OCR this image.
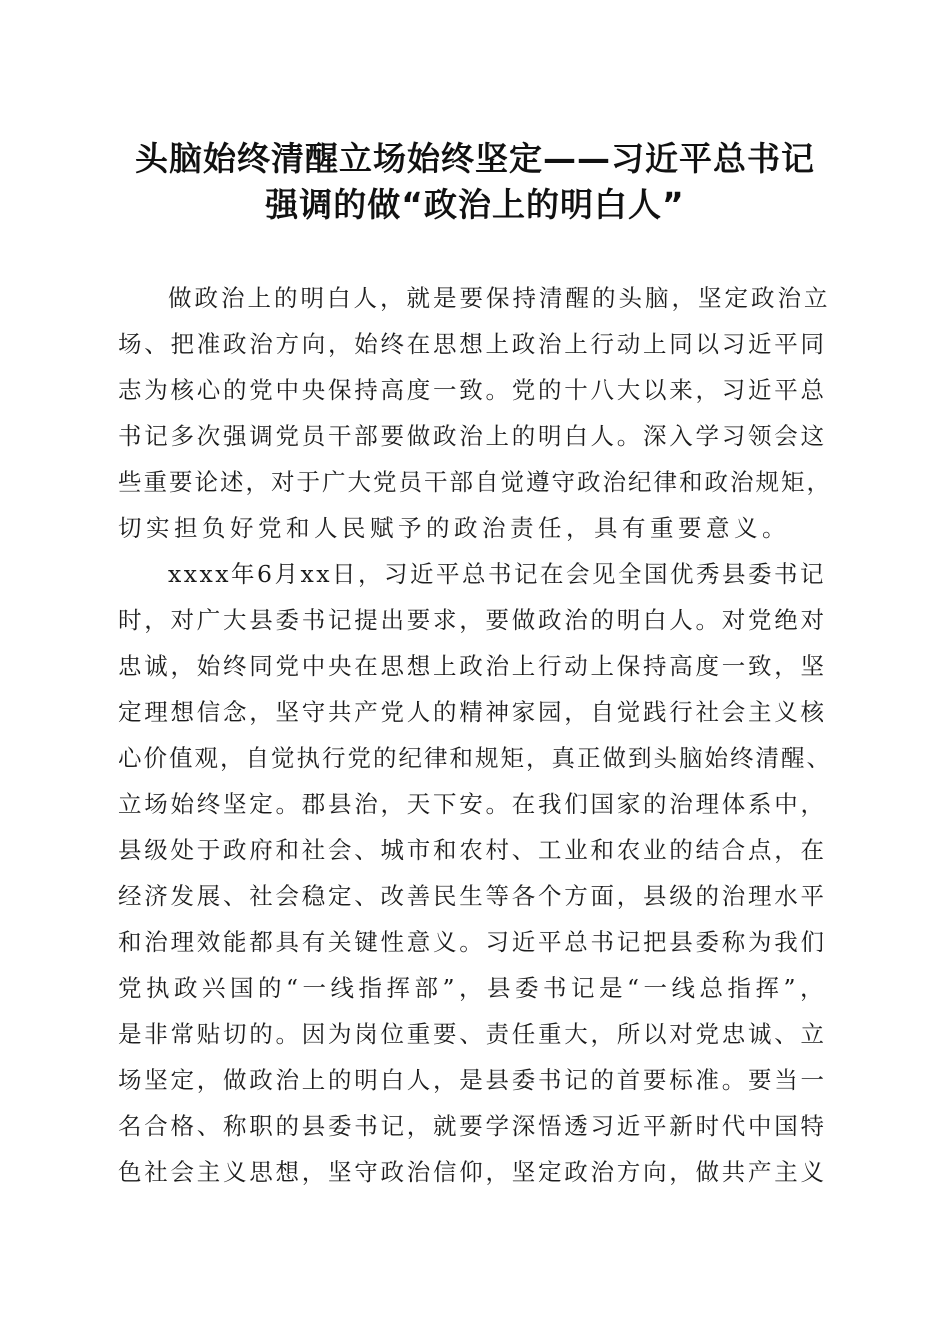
头脑始终清醒立场始终坚定——习近平总书记
强调的做“政治上的明白人”
做政治上的明白人，就是要保持清醒的头脑，坚定政治立
场、把准政治方向，始终在思想上政治上行动上同以习近平同
志为核心的党中央保持高度一致。党的十八大以来，习近平总
书记多次强调党员干部要做政治上的明白人。深入学习领会这
些重要论述，对于广大党员干部自觉遵守政治纪律和政治规矩，
切实担负好党和人民赋予的政治责任，具有重要意义。
xxxx年6月xx日，习近平总书记在会见全国优秀县委书记
时，对广大县委书记提出要求，要做政治的明白人。对党绝对
忠诚，始终同党中央在思想上政治上行动上保持高度一致，坚
定理想信念，坚守共产党人的精神家园，自觉践行社会主义核
心价值观，自觉执行党的纪律和规矩，真正做到头脑始终清醒、
立场始终坚定。郡县治，天下安。在我们国家的治理体系中，
县级处于政府和社会、城市和农村、工业和农业的结合点，在
经济发展、社会稳定、改善民生等各个方面，县级的治理水平
和治理效能都具有关键性意义。习近平总书记把县委称为我们
党执政兴国的“一线指挥部”，县委书记是“一线总指挥”，
是非常贴切的。因为岗位重要、责任重大，所以对党忠诚、立
场坚定，做政治上的明白人，是县委书记的首要标准。要当一
名合格、称职的县委书记，就要学深悟透习近平新时代中国特
色社会主义思想，坚守政治信仰，坚定政治方向，做共产主义
